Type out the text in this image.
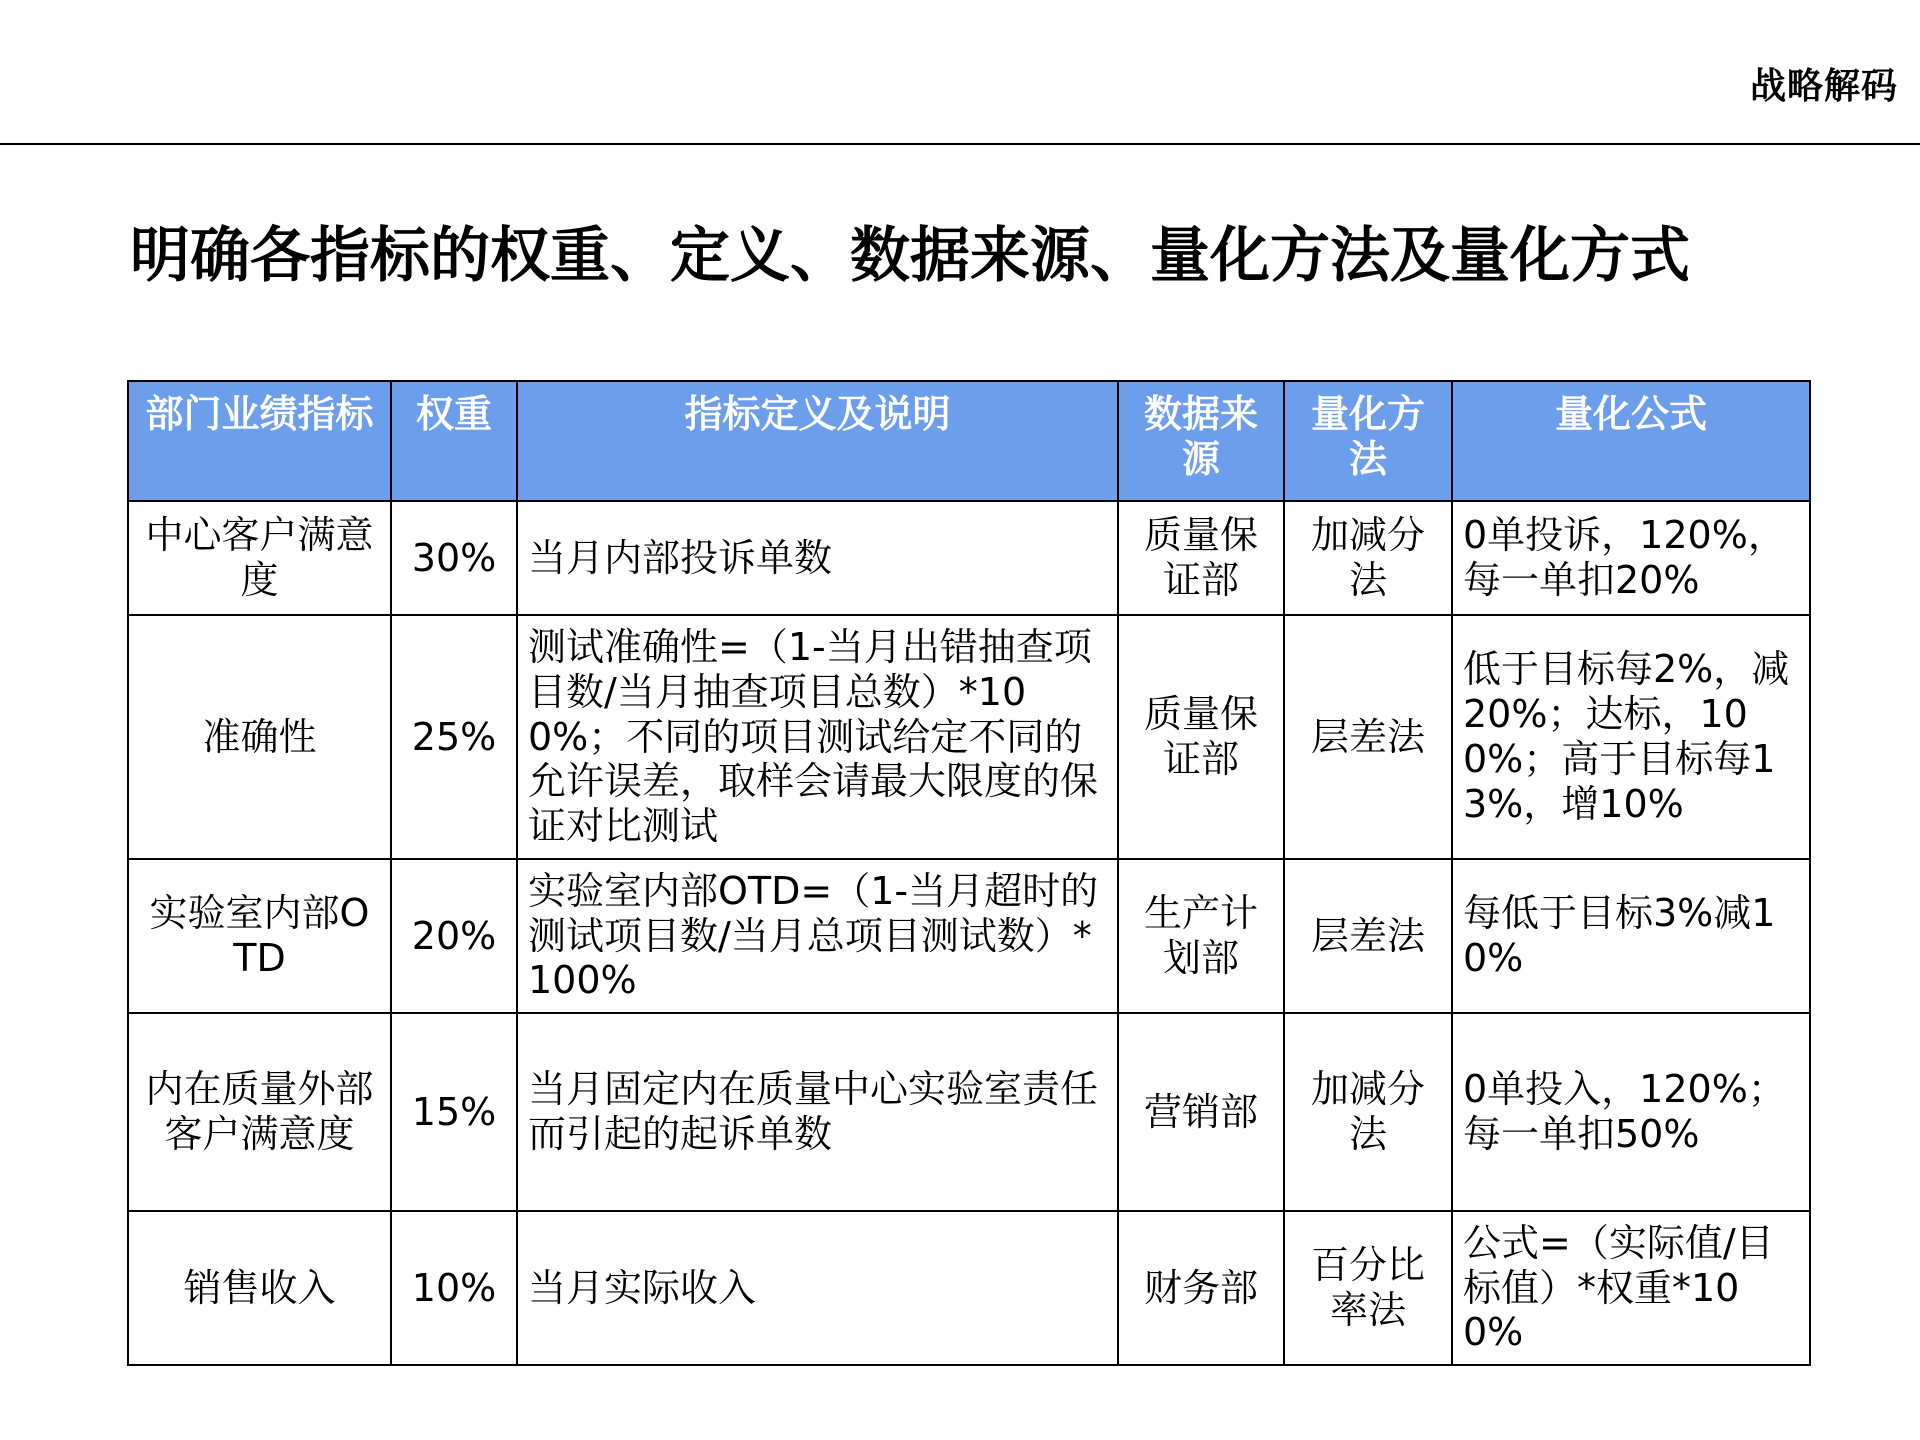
战略解码
明确各指标的权重、定义、数据来源、量化方法及量化方式
部门业绩指标	权重	指标定义及说明	数据来源	量化方法	量化公式
中心客户满意度	30%	当月内部投诉单数	质量保证部	加减分法	0单投诉，120%，每一单扣20%
准确性	25%	测试准确性=（1-当月出错抽查项目数/当月抽查项目总数）*100%；不同的项目测试给定不同的允许误差，取样会请最大限度的保证对比测试	质量保证部	层差法	低于目标每2%，减20%；达标，100%；高于目标每13%，增10%
实验室内部OTD	20%	实验室内部OTD=（1-当月超时的测试项目数/当月总项目测试数）*100%	生产计划部	层差法	每低于目标3%减10%
内在质量外部客户满意度	15%	当月固定内在质量中心实验室责任而引起的起诉单数	营销部	加减分法	0单投入，120%；每一单扣50%
销售收入	10%	当月实际收入	财务部	百分比率法	公式=（实际值/目标值）*权重*100%
